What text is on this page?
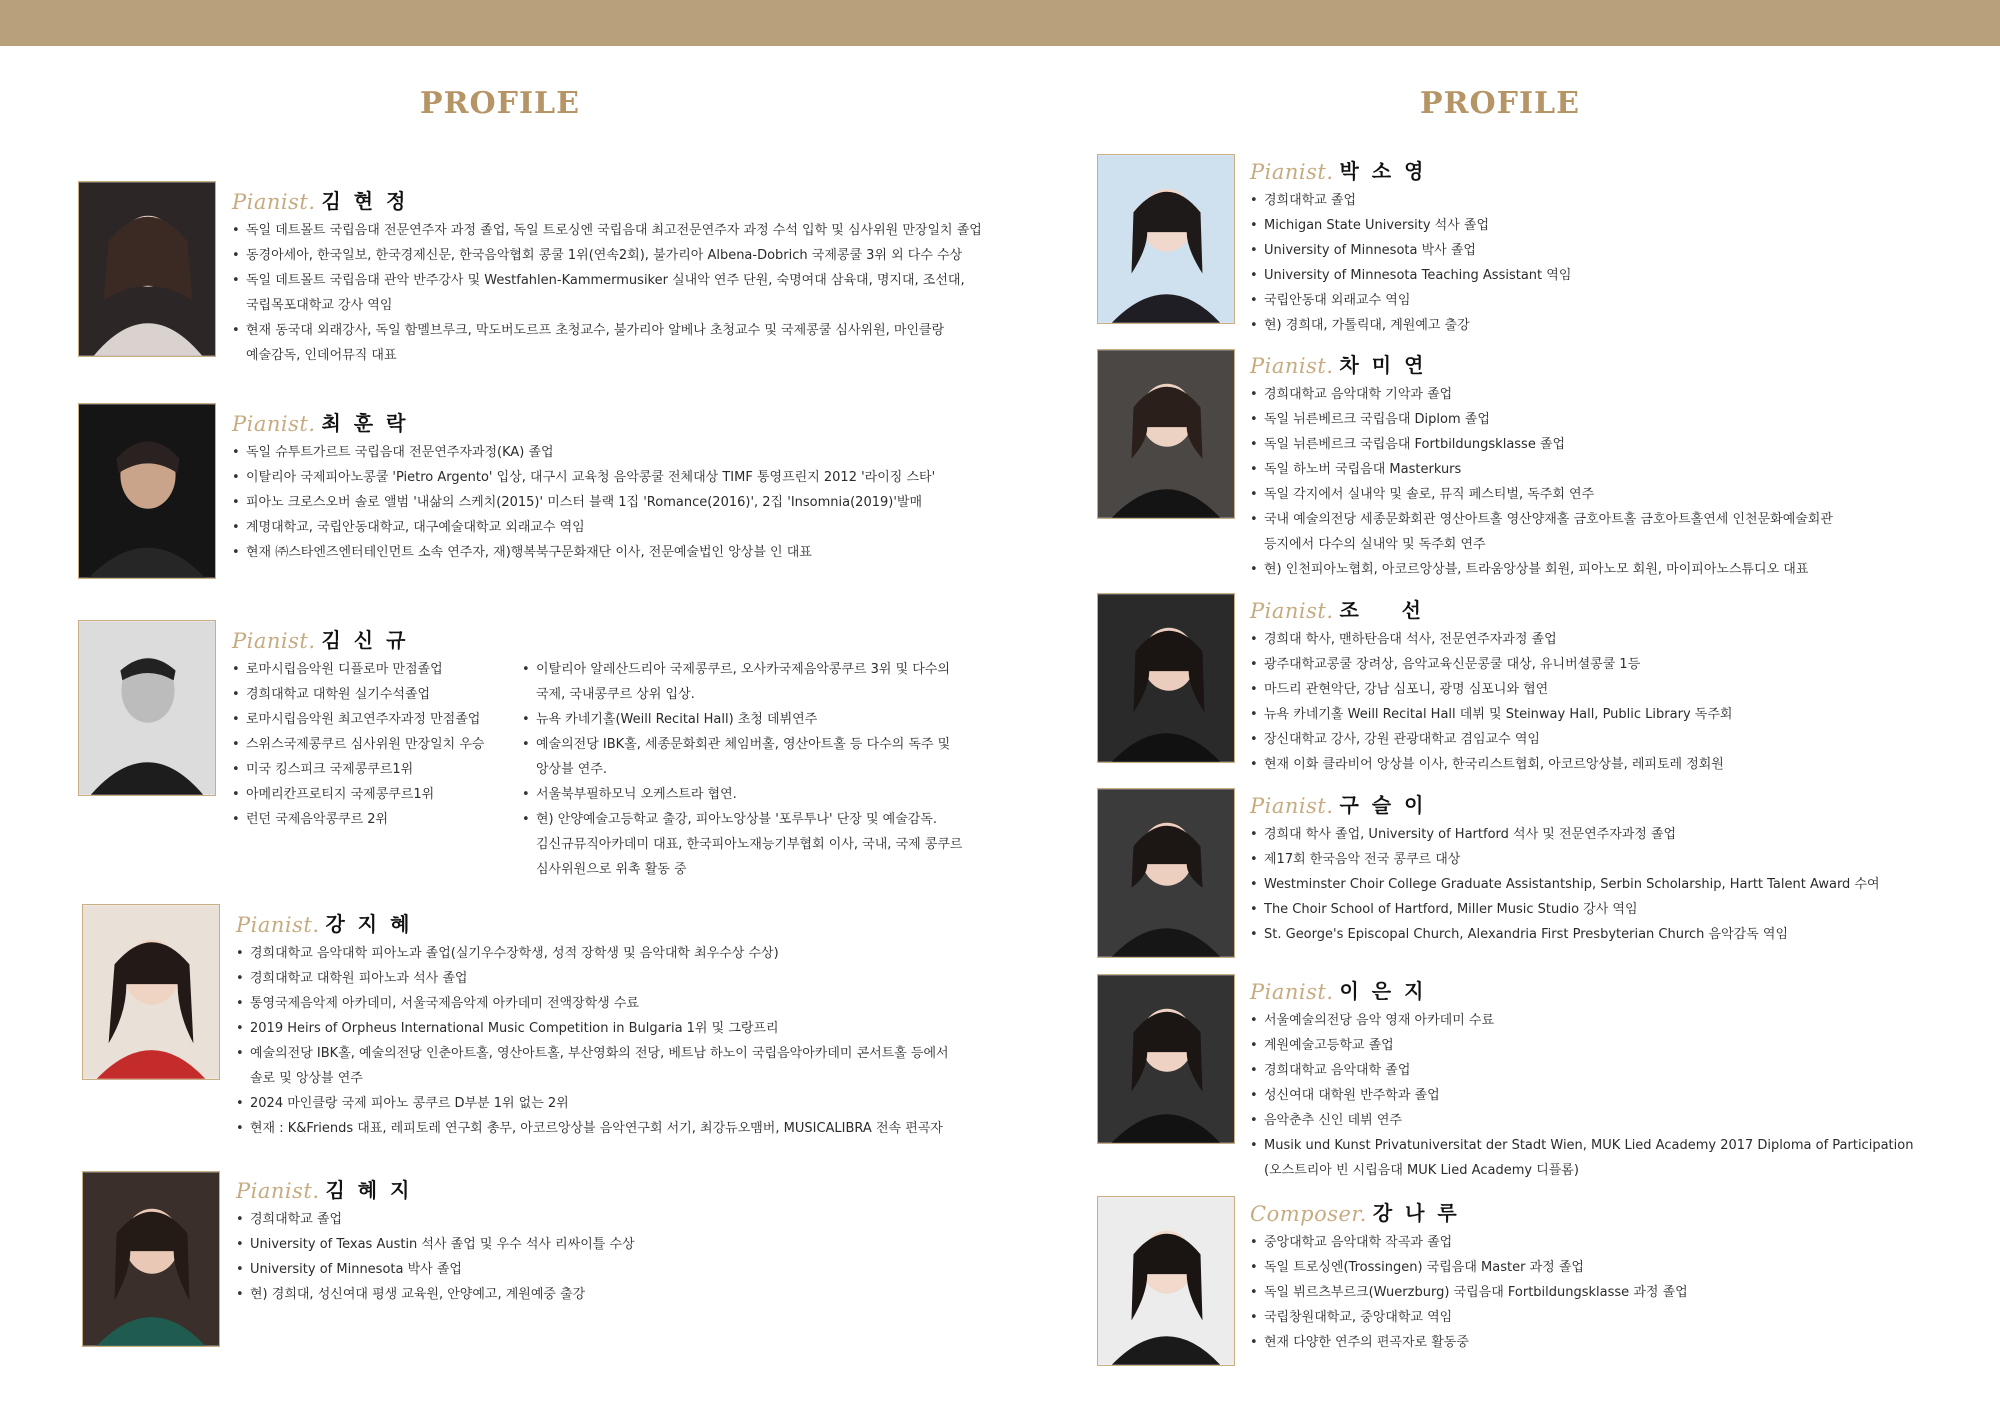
PROFILE
Pianist. 김 현 정
• 독일 데트몰트 국립음대 전문연주자 과정 졸업, 독일 트로싱엔 국립음대 최고전문연주자 과정 수석 입학 및 심사위원 만장일치 졸업
• 동경아세아, 한국일보, 한국경제신문, 한국음악협회 콩쿨 1위(연속2회), 불가리아 Albena-Dobrich 국제콩쿨 3위 외 다수 수상
• 독일 데트몰트 국립음대 관악 반주강사 및 Westfahlen-Kammermusiker 실내악 연주 단원, 숙명여대 삼육대, 명지대, 조선대,
국립목포대학교 강사 역임
• 현재 동국대 외래강사, 독일 함멜브루크, 막도버도르프 초청교수, 불가리아 알베나 초청교수 및 국제콩쿨 심사위원, 마인클랑
예술감독, 인데어뮤직 대표
Pianist. 최 훈 락
• 독일 슈투트가르트 국립음대 전문연주자과정(KA) 졸업
• 이탈리아 국제피아노콩쿨 'Pietro Argento' 입상, 대구시 교육청 음악콩쿨 전체대상 TIMF 통영프린지 2012 '라이징 스타'
• 피아노 크로스오버 솔로 앨범 '내삶의 스케치(2015)' 미스터 블랙 1집 'Romance(2016)', 2집 'Insomnia(2019)'발매
• 계명대학교, 국립안동대학교, 대구예술대학교 외래교수 역임
• 현재 ㈜스타엔즈엔터테인먼트 소속 연주자, 재)행복북구문화재단 이사, 전문예술법인 앙상블 인 대표
Pianist. 김 신 규
• 로마시립음악원 디플로마 만점졸업
• 경희대학교 대학원 실기수석졸업
• 로마시립음악원 최고연주자과정 만점졸업
• 스위스국제콩쿠르 심사위원 만장일치 우승
• 미국 킹스피크 국제콩쿠르1위
• 아메리칸프로티지 국제콩쿠르1위
• 런던 국제음악콩쿠르 2위
• 이탈리아 알레산드리아 국제콩쿠르, 오사카국제음악콩쿠르 3위 및 다수의
국제, 국내콩쿠르 상위 입상.
• 뉴욕 카네기홀(Weill Recital Hall) 초청 데뷔연주
• 예술의전당 IBK홀, 세종문화회관 체임버홀, 영산아트홀 등 다수의 독주 및
앙상블 연주.
• 서울북부필하모닉 오케스트라 협연.
• 현) 안양예술고등학교 출강, 피아노앙상블 '포루투나' 단장 및 예술감독.
김신규뮤직아카데미 대표, 한국피아노재능기부협회 이사, 국내, 국제 콩쿠르
심사위원으로 위촉 활동 중
Pianist. 강 지 혜
• 경희대학교 음악대학 피아노과 졸업(실기우수장학생, 성적 장학생 및 음악대학 최우수상 수상)
• 경희대학교 대학원 피아노과 석사 졸업
• 통영국제음악제 아카데미, 서울국제음악제 아카데미 전액장학생 수료
• 2019 Heirs of Orpheus International Music Competition in Bulgaria 1위 및 그랑프리
• 예술의전당 IBK홀, 예술의전당 인춘아트홀, 영산아트홀, 부산영화의 전당, 베트남 하노이 국립음악아카데미 콘서트홀 등에서
솔로 및 앙상블 연주
• 2024 마인클랑 국제 피아노 콩쿠르 D부분 1위 없는 2위
• 현재 : K&Friends 대표, 레피토레 연구회 총무, 아코르앙상블 음악연구회 서기, 최강듀오맴버, MUSICALIBRA 전속 편곡자
Pianist. 김 혜 지
• 경희대학교 졸업
• University of Texas Austin 석사 졸업 및 우수 석사 리싸이틀 수상
• University of Minnesota 박사 졸업
• 현) 경희대, 성신여대 평생 교육원, 안양예고, 계원예중 출강
PROFILE
Pianist. 박 소 영
• 경희대학교 졸업
• Michigan State University 석사 졸업
• University of Minnesota 박사 졸업
• University of Minnesota Teaching Assistant 역임
• 국립안동대 외래교수 역임
• 현) 경희대, 가톨릭대, 계원예고 출강
Pianist. 차 미 연
• 경희대학교 음악대학 기악과 졸업
• 독일 뉘른베르크 국립음대 Diplom 졸업
• 독일 뉘른베르크 국립음대 Fortbildungsklasse 졸업
• 독일 하노버 국립음대 Masterkurs
• 독일 각지에서 실내악 및 솔로, 뮤직 페스티벌, 독주회 연주
• 국내 예술의전당 세종문화회관 영산아트홀 영산양재홀 금호아트홀 금호아트홀연세 인천문화예술회관
등지에서 다수의 실내악 및 독주회 연주
• 현) 인천피아노협회, 아코르앙상블, 트라움앙상블 회원, 피아노모 회원, 마이피아노스튜디오 대표
Pianist. 조    선
• 경희대 학사, 맨하탄음대 석사, 전문연주자과정 졸업
• 광주대학교콩쿨 장려상, 음악교육신문콩쿨 대상, 유니버셜콩쿨 1등
• 마드리 관현악단, 강남 심포니, 광명 심포니와 협연
• 뉴욕 카네기홀 Weill Recital Hall 데뷔 및 Steinway Hall, Public Library 독주회
• 장신대학교 강사, 강원 관광대학교 겸임교수 역임
• 현재 이화 클라비어 앙상블 이사, 한국리스트협회, 아코르앙상블, 레피토레 정회원
Pianist. 구 슬 이
• 경희대 학사 졸업, University of Hartford 석사 및 전문연주자과정 졸업
• 제17회 한국음악 전국 콩쿠르 대상
• Westminster Choir College Graduate Assistantship, Serbin Scholarship, Hartt Talent Award 수여
• The Choir School of Hartford, Miller Music Studio 강사 역임
• St. George's Episcopal Church, Alexandria First Presbyterian Church 음악감독 역임
Pianist. 이 은 지
• 서울예술의전당 음악 영재 아카데미 수료
• 계원예술고등학교 졸업
• 경희대학교 음악대학 졸업
• 성신여대 대학원 반주학과 졸업
• 음악춘추 신인 데뷔 연주
• Musik und Kunst Privatuniversitat der Stadt Wien, MUK Lied Academy 2017 Diploma of Participation
(오스트리아 빈 시립음대 MUK Lied Academy 디플롬)
Composer. 강 나 루
• 중앙대학교 음악대학 작곡과 졸업
• 독일 트로싱엔(Trossingen) 국립음대 Master 과정 졸업
• 독일 뷔르츠부르크(Wuerzburg) 국립음대 Fortbildungsklasse 과정 졸업
• 국립창원대학교, 중앙대학교 역임
• 현재 다양한 연주의 편곡자로 활동중
